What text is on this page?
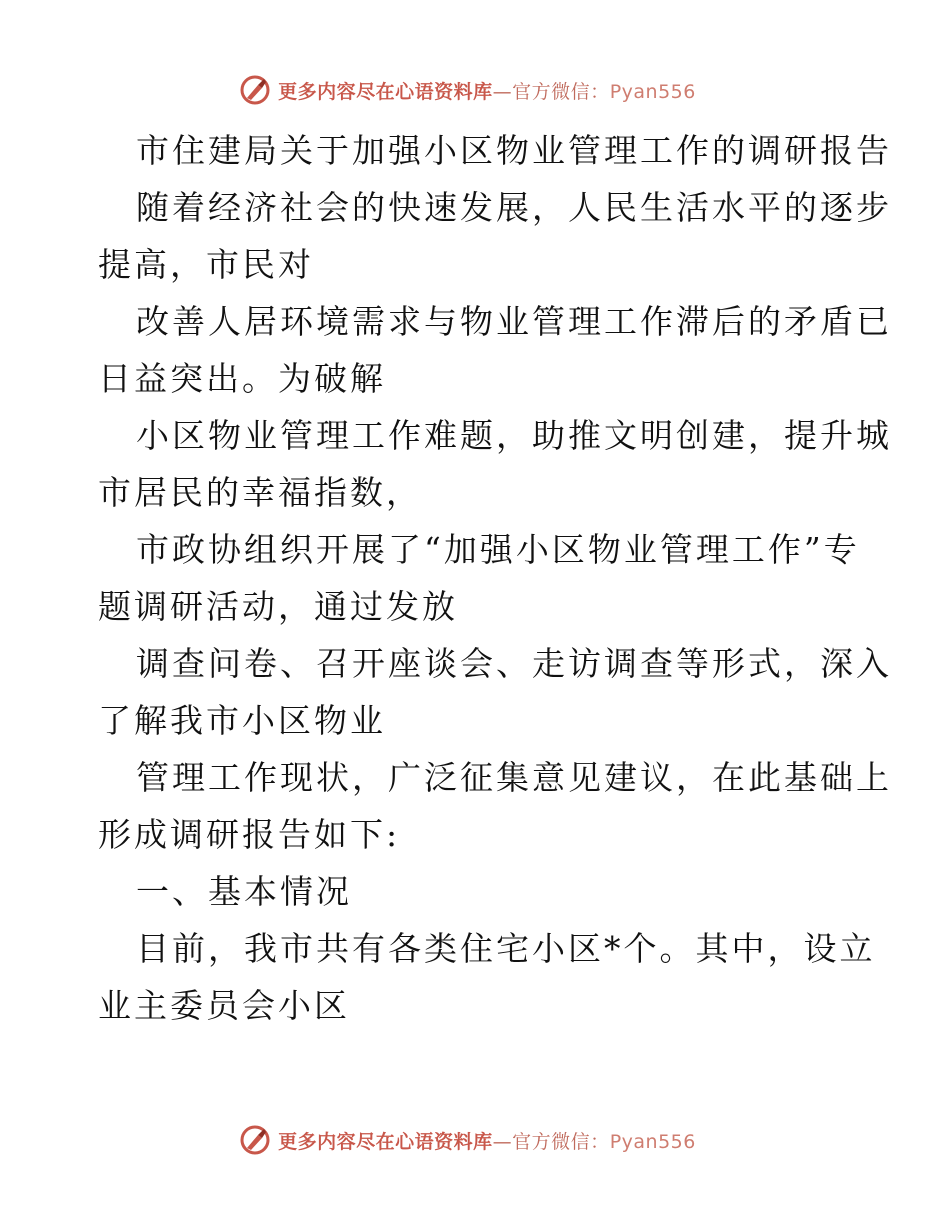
更多内容尽在心语资料库—官方微信：Pyan556
市住建局关于加强小区物业管理工作的调研报告
随着经济社会的快速发展，人民生活水平的逐步
提高，市民对
改善人居环境需求与物业管理工作滞后的矛盾已
日益突出。为破解
小区物业管理工作难题，助推文明创建，提升城
市居民的幸福指数，
市政协组织开展了“加强小区物业管理工作”专
题调研活动，通过发放
调查问卷、召开座谈会、走访调查等形式，深入
了解我市小区物业
管理工作现状，广泛征集意见建议，在此基础上
形成调研报告如下:
一、基本情况
目前，我市共有各类住宅小区*个。其中，设立
业主委员会小区
更多内容尽在心语资料库—官方微信：Pyan556
